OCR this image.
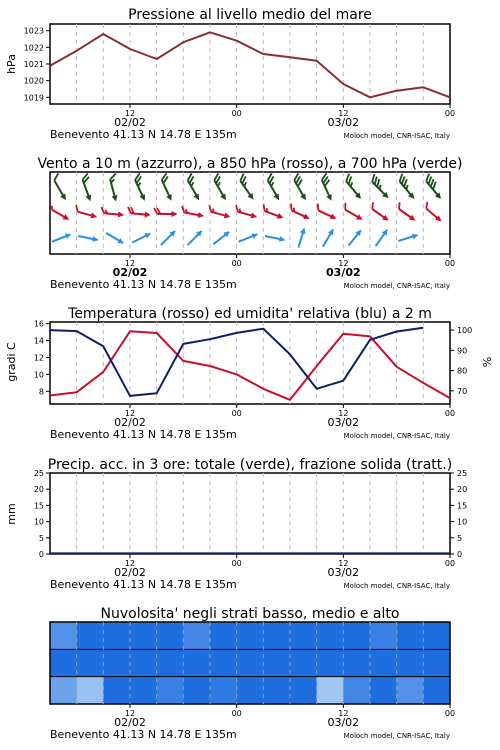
Pressione al livello medio del mare
hPa
1019
1020
1021
1022
1023
12	00	12	00
02/02	03/02
Benevento 41.13 N 14.78 E 135m	Moloch model, CNR-ISAC, Italy
Vento a 10 m (azzurro), a 850 hPa (rosso), a 700 hPa (verde)
12	00	12	00
02/02	03/02
Benevento 41.13 N 14.78 E 135m	Moloch model, CNR-ISAC, Italy
Temperatura (rosso) ed umidita' relativa (blu) a 2 m
gradi C	%
8
10
12
14
16
70
80
90
100
12	00	12	00
02/02	03/02
Benevento 41.13 N 14.78 E 135m	Moloch model, CNR-ISAC, Italy
Precip. acc. in 3 ore: totale (verde), frazione solida (tratt.)
mm
0
5
10
15
20
25
0
5
10
15
20
25
12	00	12	00
02/02	03/02
Benevento 41.13 N 14.78 E 135m	Moloch model, CNR-ISAC, Italy
Nuvolosita' negli strati basso, medio e alto
12	00	12	00
02/02	03/02
Benevento 41.13 N 14.78 E 135m	Moloch model, CNR-ISAC, Italy
